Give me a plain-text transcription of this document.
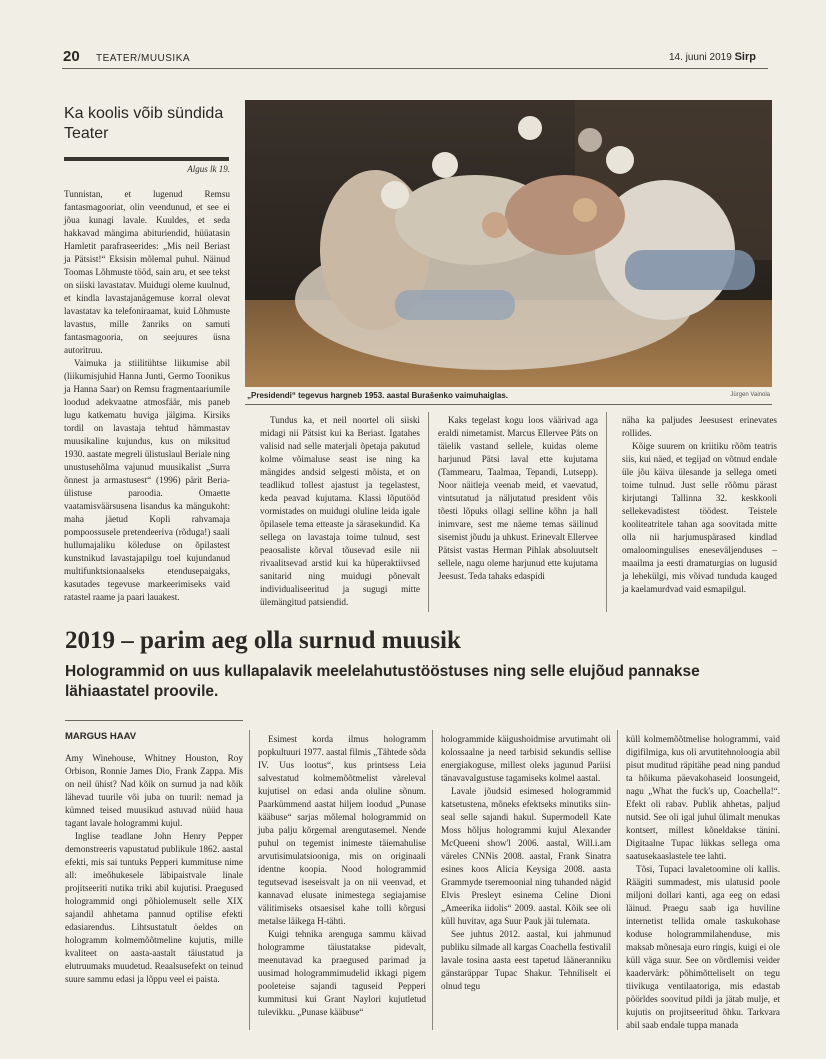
20 TEATER/MUUSIKA	14. juuni 2019 Sirp
Ka koolis võib sündida Teater
Algus lk 19.

Tunnistan, et lugenud Remsu fantasmagooriat, olin veendunud, et see ei jõua kunagi lavale. Kuuldes, et seda hakkavad mängima abituriendid, hüüatasin Hamletit parafraseerides: „Mis neil Beriast ja Pätsist!“ Eksisin mõlemal puhul. Näinud Toomas Lõhmuste tööd, sain aru, et see tekst on siiski lavastatav. Muidugi oleme kuulnud, et kindla lavastajanägemuse korral olevat lavastatav ka telefoniraamat, kuid Lõhmuste lavastus, mille žanriks on samuti fantasmagooria, on seejuures üsna autoritruu.

Vaimuka ja stiilitühtse liikumise abil (liikumisjuhid Hanna Junti, Germo Toonikus ja Hanna Saar) on Remsu fragmentaariumile loodud adekvaatne atmosfäär, mis paneb lugu katkematu huviga jälgima. Kirsiks tordil on lavastaja tehtud hämmastav muusikaline kujundus, kus on miksitud 1930. aastate megreli ülistuslaul Beriale ning unustusehõlma vajunud muusikalist „Surra õnnest ja armastusest“ (1996) pärit Beria-ülistuse paroodia. Omaette vaatamisväärsusena lisandus ka mängukoht: maha jäetud Kopli rahvamaja pompoossusele pretendeeriva (rõduga!) saali hullumajaliku köleduse on õpilastest kunstnikud lavastajapilgu toel kujundanud multifunktsionaalseks etendusepaigaks, kasutades tegevuse markeerimiseks vaid ratastel raame ja paari lauakest.

„Presidendi“ tegevus hargneb 1953. aastal Burašenko vaimuhaiglas.	Jürgen Vainola

Tundus ka, et neil noortel oli siiski midagi nii Pätsist kui ka Beriast. Igatahes valisid nad selle materjali õpetaja pakutud kolme võimaluse seast ise ning ka mängides andsid selgesti mõista, et on teadlikud tollest ajastust ja tegelastest, keda peavad kujutama. Klassi lõputööd vormistades on muidugi oluline leida igale õpilasele tema etteaste ja särasekundid. Ka sellega on lavastaja toime tulnud, sest peaosaliste kõrval tõusevad esile nii rivaalitsevad arstid kui ka hüperaktiivsed sanitarid ning muidugi põnevalt individualiseeritud ja sugugi mitte ülemängitud patsiendid.

Kaks tegelast kogu loos väärivad aga eraldi nimetamist. Marcus Ellervee Päts on täielik vastand sellele, kuidas oleme harjunud Pätsi laval ette kujutama (Tammearu, Taalmaa, Tepandi, Lutsepp). Noor näitleja veenab meid, et vaevatud, vintsutatud ja näljutatud president võis tõesti lõpuks ollagi selline kõhn ja hall inimvare, sest me näeme temas säilinud sisemist jõudu ja uhkust. Erinevalt Ellervee Pätsist vastas Herman Pihlak absoluutselt sellele, nagu oleme harjunud ette kujutama Jeesust. Teda tahaks edaspidi

näha ka paljudes Jeesusest erinevates rollides.

Kõige suurem on kriitiku rõõm teatris siis, kui näed, et tegijad on võtnud endale üle jõu käiva ülesande ja sellega ometi toime tulnud. Just selle rõõmu pärast kirjutangi Tallinna 32. keskkooli sellekevadistest töödest. Teistele kooliteatritele tahan aga soovitada mitte olla nii harjumuspärased kindlad omaloomingulises eneseväljenduses – maailma ja eesti dramaturgias on lugusid ja lehekülgi, mis võivad tunduda kauged ja kaelamurdvad vaid esmapilgul.

2019 – parim aeg olla surnud muusik
Hologrammid on uus kullapalavik meelelahutustööstuses ning selle elujõud pannakse lähiaastatel proovile.
MARGUS HAAV

Amy Winehouse, Whitney Houston, Roy Orbison, Ronnie James Dio, Frank Zappa. Mis on neil ühist? Nad kõik on surnud ja nad kõik lähevad tuurile või juba on tuuril: nemad ja kümned teised muusikud astuvad nüüd haua tagant lavale hologrammi kujul.

Inglise teadlane John Henry Pepper demonstreeris vapustatud publikule 1862. aastal efekti, mis sai tuntuks Pepperi kummituse nime all: imeõhukesele läbipaistvale linale projitseeriti nutika triki abil kujutisi. Praegused hologrammid ongi põhiolemuselt selle XIX sajandil ahhetama pannud optilise efekti edasiarendus. Lihtsustatult öeldes on hologramm kolmemõõtmeline kujutis, mille kvaliteet on aasta-aastalt täiustatud ja elutruumaks muudetud. Reaalsusefekt on teinud suure sammu edasi ja lõppu veel ei paista.

Esimest korda ilmus hologramm popkultuuri 1977. aastal filmis „Tähtede sõda IV. Uus lootus“, kus printsess Leia salvestatud kolmemõõtmelist vàreleval kujutisel on edasi anda oluline sõnum. Paarkümmend aastat hiljem loodud „Punase kääbuse“ sarjas mõlemal hologrammid on juba palju kõrgemal arengutasemel. Nende puhul on tegemist inimeste täiemahulise arvutisimulatsiooniga, mis on originaali identne koopia. Nood hologrammid tegutsevad iseseisvalt ja on nii veenvad, et kannavad elusate inimestega segiajamise välitimiseks otsaesisel kahe tolli kõrgusi metalse läikega H-tähti.

Kuigi tehnika arenguga sammu käivad hologrammе täiustatakse pidevalt, meenutavad ka praegused parimad ja uusimad hologrammimudelid ikkagi pigem pooleteise sajandi taguseid Pepperi kummitusi kui Grant Naylori kujutletud tulevikku. „Punase kääbuse“

hologrammide käigushoidmise arvutimaht oli kolossaalne ja need tarbisid sekundis sellise energiakoguse, millest oleks jagunud Pariisi tänavavalgustuse tagamiseks kolmel aastal.

Lavale jõudsid esimesed hologrammid katsetustena, mõneks efektseks minutiks siin-seal selle sajandi hakul. Supermodell Kate Moss hõljus hologrammi kujul Alexander McQueeni show'l 2006. aastal, Will.i.am väreles CNNis 2008. aastal, Frank Sinatra esines koos Alicia Keysiga 2008. aasta Grammyde tseremoonial ning tuhanded nägid Elvis Presleyt esinema Celine Dioni „Ameerika iidolis“ 2009. aastal. Kõik see oli küll huvitav, aga Suur Pauk jäi tulemata.

See juhtus 2012. aastal, kui jahmunud publiku silmade all kargas Coachella festivalil lavale tosina aasta eest tapetud lääneranniku gänstaräppar Tupac Shakur. Tehniliselt ei olnud tegu

küll kolmemõõtmelise hologrammi, vaid digifilmiga, kus oli arvutitehnoloogia abil pisut muditud räpitähe pead ning pandud ta hõikuma päevakohaseid loosungeid, nagu „What the fuck's up, Coachella!“. Efekt oli rabav. Publik ahhetas, paljud nutsid. See oli igal juhul ülimalt menukas kontsert, millest kõneldakse tänini. Digitaalne Tupac lükkas sellega oma saatusekaaslastele tee lahti.

Tõsi, Tupaci lavaletoomine oli kallis. Räägiti summadest, mis ulatusid poole miljoni dollari kanti, aga eeg on edasi läinud. Praegu saab iga huviline internetist tellida omale taskukohase koduse hologrammilahenduse, mis maksab mõnesaja euro ringis, kuigi ei ole küll väga suur. See on võrdlemisi veider kaadervärk: põhimõtteliselt on tegu tiivikuga ventilaatoriga, mis edastab pöörldes soovitud pildi ja jätab mulje, et kujutis on projitseeritud õhku. Tarkvara abil saab endale tuppa manada
